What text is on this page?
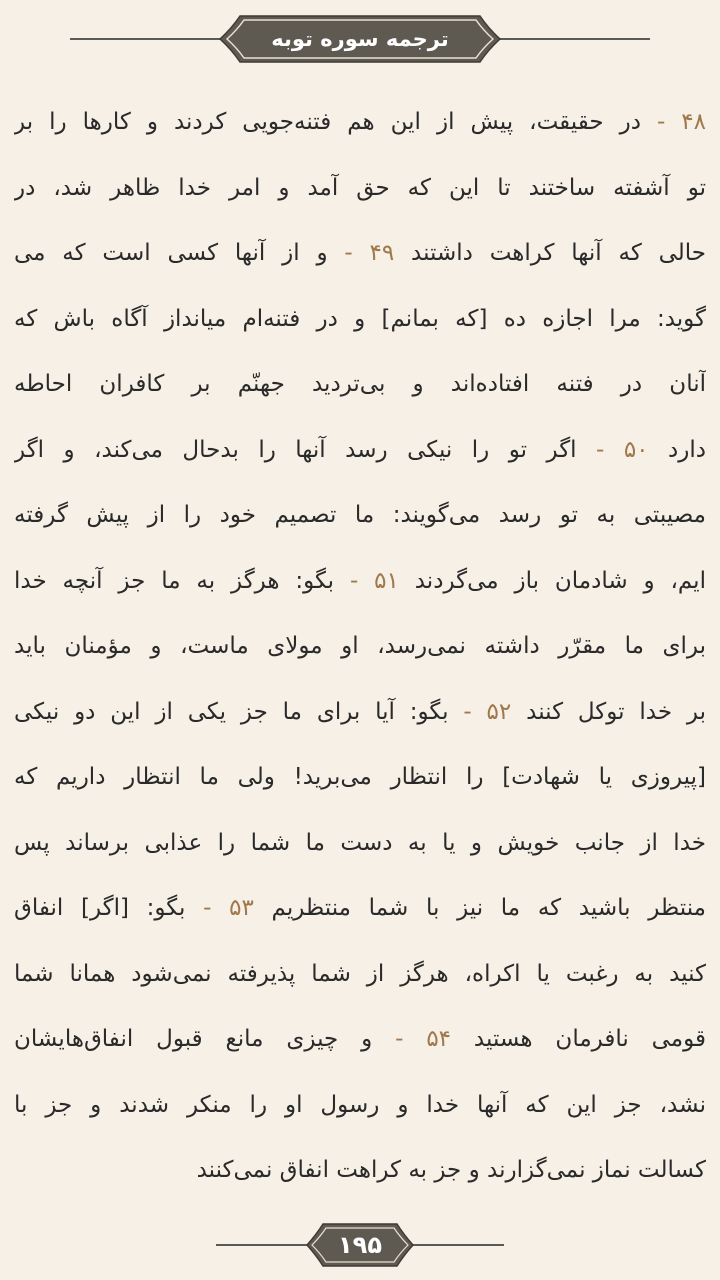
ترجمه سوره توبه
۴۸ - در حقیقت، پیش از این هم فتنه‌جویی کردند و کارها را بر
تو آشفته ساختند تا این که حق آمد و امر خدا ظاهر شد، در
حالی که آنها کراهت داشتند ۴۹ - و از آنها کسی است که می
گوید: مرا اجازه ده [که بمانم] و در فتنه‌ام میانداز آگاه باش که
آنان در فتنه افتاده‌اند و بی‌تردید جهنّم بر کافران احاطه
دارد ۵۰ - اگر تو را نیکی رسد آنها را بدحال می‌کند، و اگر
مصیبتی به تو رسد می‌گویند: ما تصمیم خود را از پیش گرفته
ایم، و شادمان باز می‌گردند ۵۱ - بگو: هرگز به ما جز آنچه خدا
برای ما مقرّر داشته نمی‌رسد، او مولای ماست، و مؤمنان باید
بر خدا توکل کنند ۵۲ - بگو: آیا برای ما جز یکی از این دو نیکی
[پیروزی یا شهادت] را انتظار می‌برید! ولی ما انتظار داریم که
خدا از جانب خویش و یا به دست ما شما را عذابی برساند پس
منتظر باشید که ما نیز با شما منتظریم ۵۳ - بگو: [اگر] انفاق
کنید به رغبت یا اکراه، هرگز از شما پذیرفته نمی‌شود همانا شما
قومی نافرمان هستید ۵۴ - و چیزی مانع قبول انفاق‌هایشان
نشد، جز این که آنها خدا و رسول او را منکر شدند و جز با
کسالت نماز نمی‌گزارند و جز به کراهت انفاق نمی‌کنند
۱۹۵
